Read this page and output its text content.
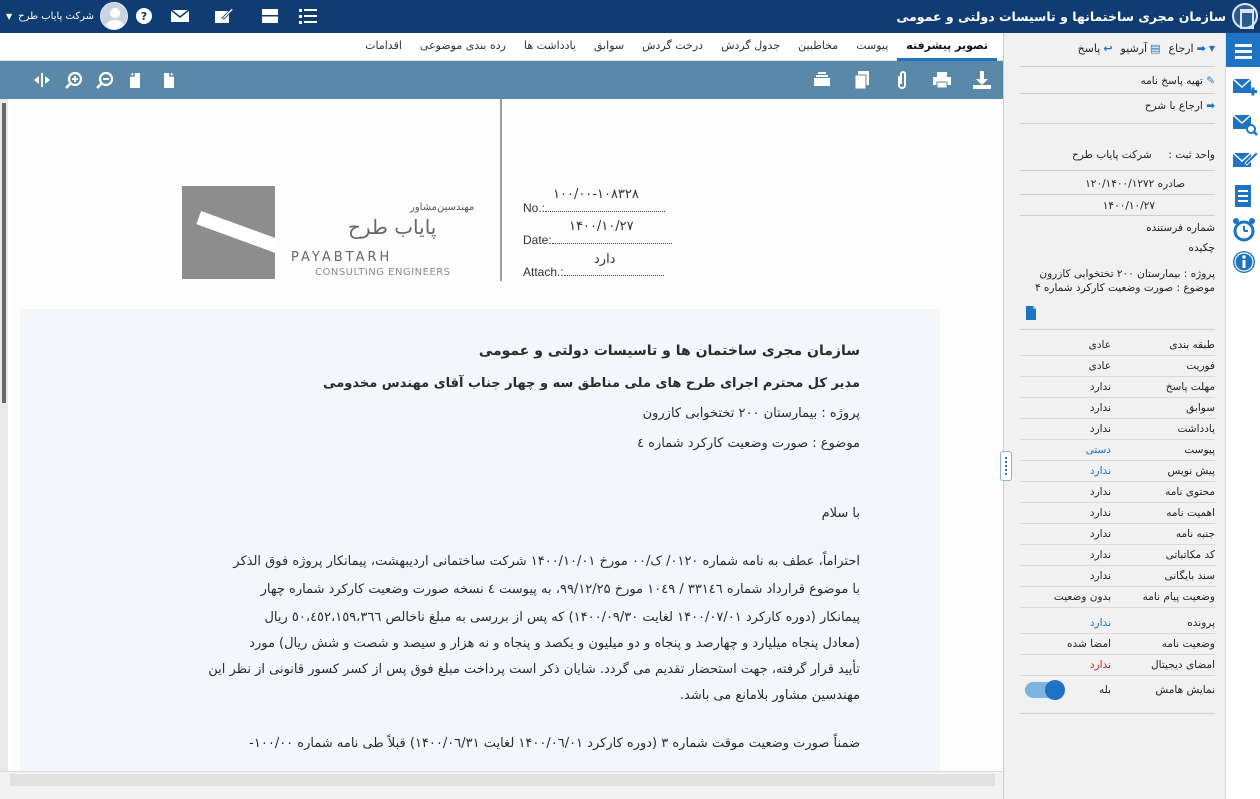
سازمان مجری ساختمانها و تاسیسات دولتی و عمومی
▼ شرکت پایاب طرح	?
تصویر پیشرفته
پیوست
مخاطبین
جدول گردش
درخت گردش
سوابق
یادداشت ها
رده بندی موضوعی
اقدامات
مهندسین‌مشاور
پایاب طرح
PAYABTARH
CONSULTING ENGINEERS
No.:
۱۰۰/۰۰-۱۰۸۳۲۸
Date:
۱۴۰۰/۱۰/۲۷
Attach.:
دارد
سازمان مجری ساختمان ها و تاسیسات دولتی و عمومی
مدیر کل محترم اجرای طرح های ملی مناطق سه و چهار جناب آقای مهندس مخدومی
پروژه : بیمارستان ۲۰۰ تختخوابی کازرون
موضوع : صورت وضعیت کارکرد شماره ٤
با سلام
احتراماً، عطف به نامه شماره ۰۱۲۰/ ک/۰۰ مورخ ۱۴۰۰/۱۰/۰۱ شرکت ساختمانی اردیبهشت، پیمانکار پروژه فوق الذکر
با موضوع قرارداد شماره ۳۳۱٤٦ / ۱۰٤۹ مورخ ۹۹/۱۲/۲۵، به پیوست ٤ نسخه صورت وضعیت کارکرد شماره چهار
پیمانکار (دوره کارکرد ۱۴۰۰/۰۷/۰۱ لغایت ۱۴۰۰/۰۹/۳۰) که پس از بررسی به مبلغ ناخالص ٥۰،٤٥۲،۱٥۹،۳٦٦ ریال
(معادل پنجاه میلیارد و چهارصد و پنجاه و دو میلیون و یکصد و پنجاه و نه هزار و سیصد و شصت و شش ریال) مورد
تأیید قرار گرفته، جهت استحضار تقدیم می گردد. شایان ذکر است پرداخت مبلغ فوق پس از کسر کسور قانونی از نظر این
مهندسین مشاور بلامانع می باشد.
ضمناً صورت وضعیت موقت شماره ۳ (دوره کارکرد ۱۴۰۰/۰٦/۰۱ لغایت ۱۴۰۰/۰٦/۳۱) قبلاً طی نامه شماره ۱۰۰/۰۰-
▼
➡
ارجاع
▤
آرشیو
↩
پاسخ
✎ تهیه پاسخ نامه
➡ ارجاع با شرح
واحد ثبت :     شرکت پایاب طرح
صادره ۱۲۰/۱۴۰۰/۱۲۷۲
۱۴۰۰/۱۰/۲۷
شماره فرستنده
چکیده
پروژه : بیمارستان ۲۰۰ تختخوابی کازرون
موضوع : صورت وضعیت کارکرد شماره ۴
طبقه بندی
عادی
فوریت
عادی
مهلت پاسخ
ندارد
سوابق
ندارد
یادداشت
ندارد
پیوست
دستی
پیش نویس
ندارد
محتوی نامه
ندارد
اهمیت نامه
ندارد
جنبه نامه
ندارد
کد مکاتباتی
ندارد
سند بایگانی
ندارد
وضعیت پیام نامه
بدون وضعیت
پرونده
ندارد
وضعیت نامه
امضا شده
امضای دیجیتال
ندارد
نمایش هامش
بله
